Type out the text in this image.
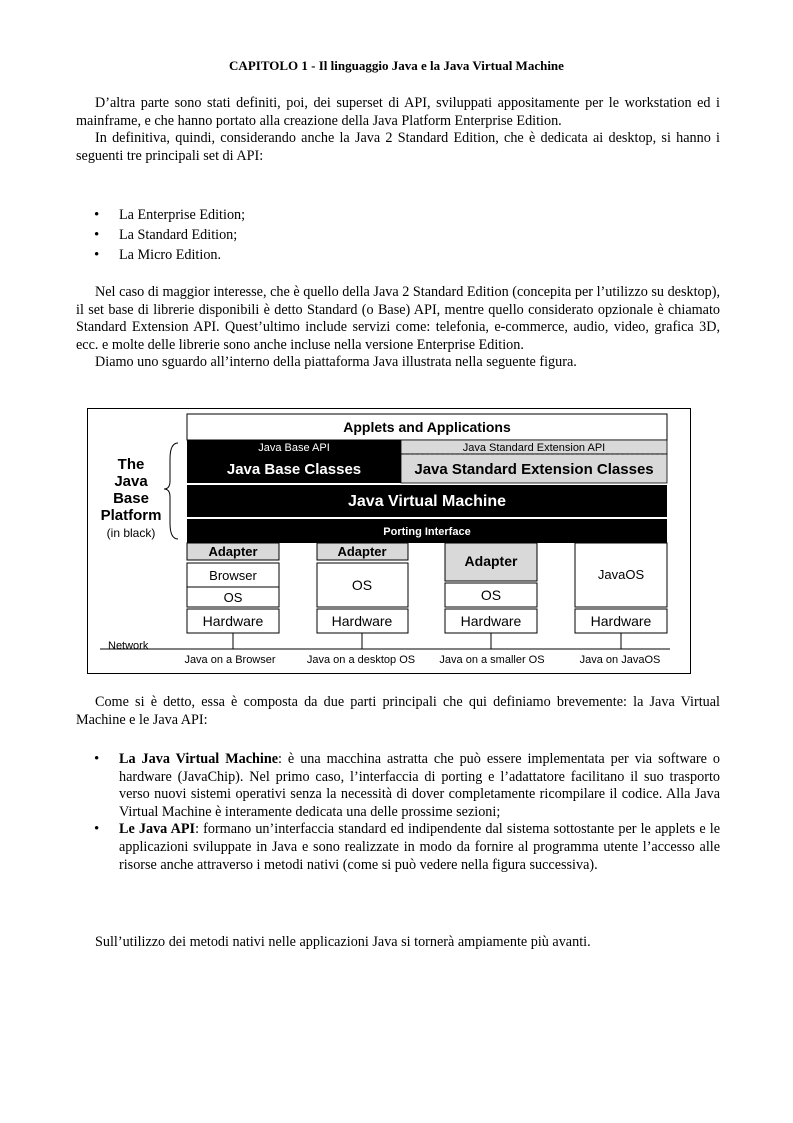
CAPITOLO 1 - Il linguaggio Java e la Java Virtual Machine

D’altra parte sono stati definiti, poi, dei superset di API, sviluppati appositamente per le workstation ed i mainframe, e che hanno portato alla creazione della Java Platform Enterprise Edition.

In definitiva, quindi, considerando anche la Java 2 Standard Edition, che è dedicata ai desktop, si hanno i seguenti tre principali set di API:

• La Enterprise Edition;
• La Standard Edition;
• La Micro Edition.

Nel caso di maggior interesse, che è quello della Java 2 Standard Edition (concepita per l’utilizzo su desktop), il set base di librerie disponibili è detto Standard (o Base) API, mentre quello considerato opzionale è chiamato Standard Extension API. Quest’ultimo include servizi come: telefonia, e-commerce, audio, video, grafica 3D, ecc. e molte delle librerie sono anche incluse nella versione Enterprise Edition.

Diamo uno sguardo all’interno della piattaforma Java illustrata nella seguente figura.

Applets and Applications
Java Base API	Java Standard Extension API
Java Base Classes	Java Standard Extension Classes
Java Virtual Machine
Porting Interface
The
Java
Base
Platform
(in black)
Adapter
Browser
OS
Hardware
Java on a Browser
Adapter
OS
Hardware
Java on a desktop OS
Adapter
OS
Hardware
Java on a smaller OS
JavaOS
Hardware
Java on JavaOS
Network

Come si è detto, essa è composta da due parti principali che qui definiamo brevemente: la Java Virtual Machine e le Java API:

• La Java Virtual Machine: è una macchina astratta che può essere implementata per via software o hardware (JavaChip). Nel primo caso, l’interfaccia di porting e l’adattatore facilitano il suo trasporto verso nuovi sistemi operativi senza la necessità di dover completamente ricompilare il codice. Alla Java Virtual Machine è interamente dedicata una delle prossime sezioni;
• Le Java API: formano un’interfaccia standard ed indipendente dal sistema sottostante per le applets e le applicazioni sviluppate in Java e sono realizzate in modo da fornire al programma utente l’accesso alle risorse anche attraverso i metodi nativi (come si può vedere nella figura successiva).

Sull’utilizzo dei metodi nativi nelle applicazioni Java si tornerà ampiamente più avanti.
